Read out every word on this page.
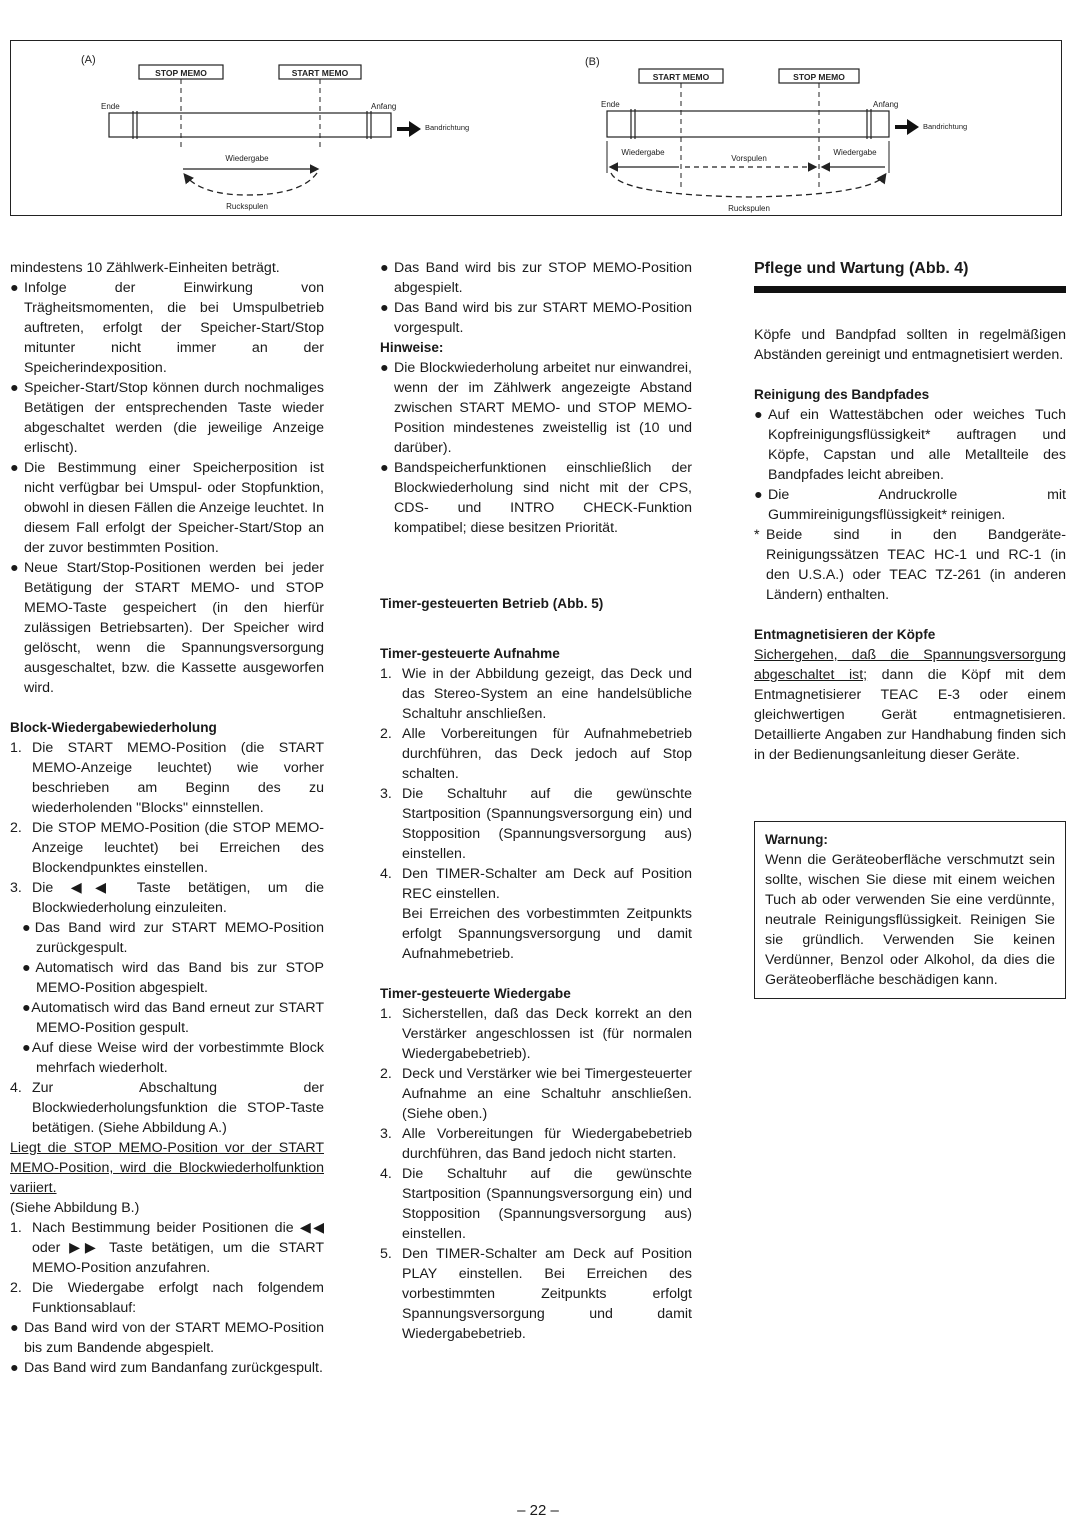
(A)
STOP MEMO	START MEMO
Ende	Anfang
Bandrichtung
Wiedergabe
Ruckspulen
(B)
START MEMO	STOP MEMO
Ende	Anfang
Bandrichtung
Wiedergabe
Vorspulen
Wiedergabe
Ruckspulen

mindestens 10 Zählwerk-Einheiten beträgt.

● Infolge der Einwirkung von Trägheitsmomenten, die bei Umspulbetrieb auftreten, erfolgt der Speicher-Start/Stop mitunter nicht immer an der Speicherindexposition.
● Speicher-Start/Stop können durch nochmaliges Betätigen der entsprechenden Taste wieder abgeschaltet werden (die jeweilige Anzeige erlischt).
● Die Bestimmung einer Speicherposition ist nicht verfügbar bei Umspul- oder Stopfunktion, obwohl in diesen Fällen die Anzeige leuchtet. In diesem Fall erfolgt der Speicher-Start/Stop an der zuvor bestimmten Position.
● Neue Start/Stop-Positionen werden bei jeder Betätigung der START MEMO- und STOP MEMO-Taste gespeichert (in den hierfür zulässigen Betriebsarten). Der Speicher wird gelöscht, wenn die Spannungsversorgung ausgeschaltet, bzw. die Kassette ausgeworfen wird.

Block-Wiedergabewiederholung

1. Die START MEMO-Position (die START MEMO-Anzeige leuchtet) wie vorher beschrieben am Beginn des zu wiederholenden "Blocks" einnstellen.
2. Die STOP MEMO-Position (die STOP MEMO-Anzeige leuchtet) bei Erreichen des Blockendpunktes einstellen.
3. Die ◀◀ Taste betätigen, um die Blockwiederholung einzuleiten.
●Das Band wird zur START MEMO-Position zurückgespult.
●Automatisch wird das Band bis zur STOP MEMO-Position abgespielt.
●Automatisch wird das Band erneut zur START MEMO-Position gespult.
●Auf diese Weise wird der vorbestimmte Block mehrfach wiederholt.
4. Zur Abschaltung der Blockwiederholungsfunktion die STOP-Taste betätigen. (Siehe Abbildung A.)

Liegt die STOP MEMO-Position vor der START MEMO-Position, wird die Blockwiederholfunktion variiert.

(Siehe Abbildung B.)

1. Nach Bestimmung beider Positionen die ◀◀ oder ▶▶ Taste betätigen, um die START MEMO-Position anzufahren.
2. Die Wiedergabe erfolgt nach folgendem Funktionsablauf:
● Das Band wird von der START MEMO-Position bis zum Bandende abgespielt.
● Das Band wird zum Bandanfang zurückgespult.
● Das Band wird bis zur STOP MEMO-Position abgespielt.
● Das Band wird bis zur START MEMO-Position vorgespult.

Hinweise:

● Die Blockwiederholung arbeitet nur einwandrei, wenn der im Zählwerk angezeigte Abstand zwischen START MEMO- und STOP MEMO-Position mindestenes zweistellig ist (10 und darüber).
● Bandspeicherfunktionen einschließlich der Blockwiederholung sind nicht mit der CPS, CDS- und INTRO CHECK-Funktion kompatibel; diese besitzen Priorität.

Timer-gesteuerten Betrieb (Abb. 5)

Timer-gesteuerte Aufnahme

1. Wie in der Abbildung gezeigt, das Deck und das Stereo-System an eine handelsübliche Schaltuhr anschließen.
2. Alle Vorbereitungen für Aufnahmebetrieb durchführen, das Deck jedoch auf Stop schalten.
3. Die Schaltuhr auf die gewünschte Startposition (Spannungsversorgung ein) und Stopposition (Spannungsversorgung aus) einstellen.
4. Den TIMER-Schalter am Deck auf Position REC einstellen.

Bei Erreichen des vorbestimmten Zeitpunkts erfolgt Spannungsversorgung und damit Aufnahmebetrieb.

Timer-gesteuerte Wiedergabe

1. Sicherstellen, daß das Deck korrekt an den Verstärker angeschlossen ist (für normalen Wiedergabebetrieb).
2. Deck und Verstärker wie bei Timergesteuerter Aufnahme an eine Schaltuhr anschließen. (Siehe oben.)
3. Alle Vorbereitungen für Wiedergabebetrieb durchführen, das Band jedoch nicht starten.
4. Die Schaltuhr auf die gewünschte Startposition (Spannungsversorgung ein) und Stopposition (Spannungsversorgung aus) einstellen.
5. Den TIMER-Schalter am Deck auf Position PLAY einstellen. Bei Erreichen des vorbestimmten Zeitpunkts erfolgt Spannungsversorgung und damit Wiedergabebetrieb.
Pflege und Wartung (Abb. 4)

Köpfe und Bandpfad sollten in regelmäßigen Abständen gereinigt und entmagnetisiert werden.

Reinigung des Bandpfades

● Auf ein Wattestäbchen oder weiches Tuch Kopfreinigungsflüssigkeit* auftragen und Köpfe, Capstan und alle Metallteile des Bandpfades leicht abreiben.
● Die Andruckrolle mit Gummireinigungsflüssigkeit* reinigen.
* Beide sind in den Bandgeräte-Reinigungssätzen TEAC HC-1 und RC-1 (in den U.S.A.) oder TEAC TZ-261 (in anderen Ländern) enthalten.

Entmagnetisieren der Köpfe

Sichergehen, daß die Spannungsversorgung abgeschaltet ist; dann die Köpf mit dem Entmagnetisierer TEAC E-3 oder einem gleichwertigen Gerät entmagnetisieren. Detaillierte Angaben zur Handhabung finden sich in der Bedienungsanleitung dieser Geräte.

Warnung:

Wenn die Geräteoberfläche verschmutzt sein sollte, wischen Sie diese mit einem weichen Tuch ab oder verwenden Sie eine verdünnte, neutrale Reinigungsflüssigkeit. Reinigen Sie sie gründlich. Verwenden Sie keinen Verdünner, Benzol oder Alkohol, da dies die Geräteoberfläche beschädigen kann.

– 22 –
